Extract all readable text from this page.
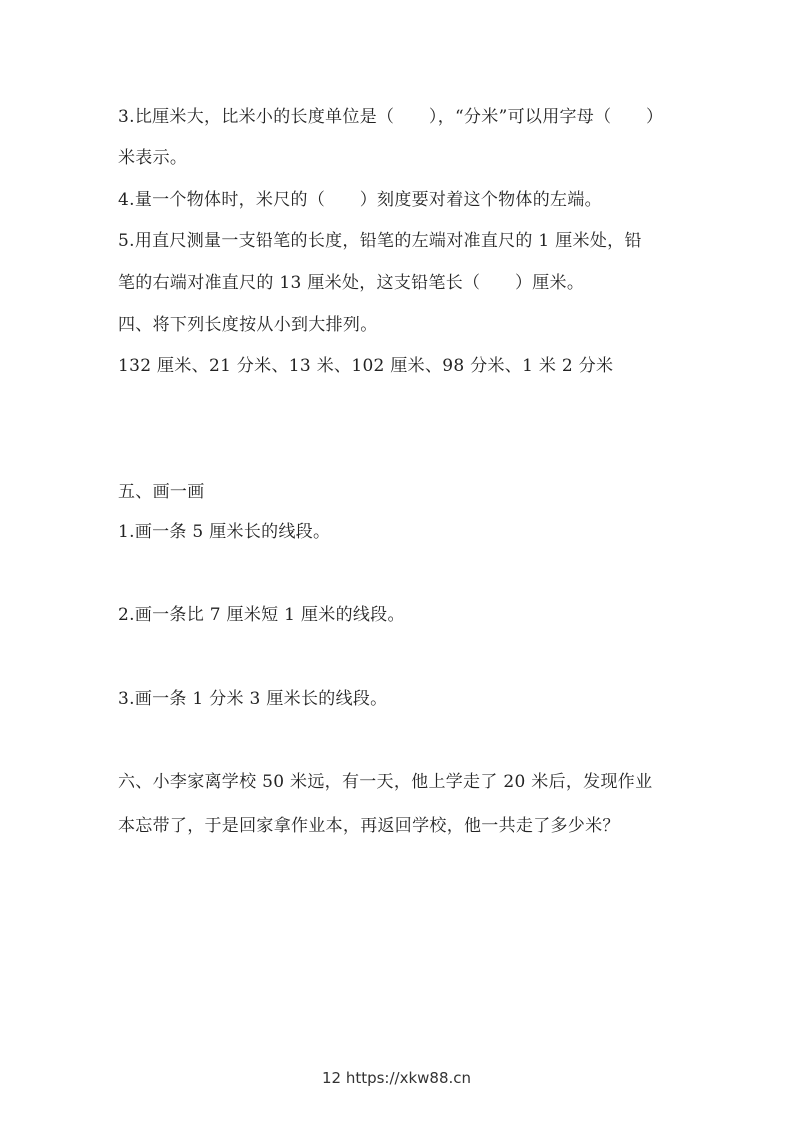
3.比厘米大，比米小的长度单位是（　　），“分米”可以用字母（　　）
米表示。
4.量一个物体时，米尺的（　　）刻度要对着这个物体的左端。
5.用直尺测量一支铅笔的长度，铅笔的左端对准直尺的 1 厘米处，铅
笔的右端对准直尺的 13 厘米处，这支铅笔长（　　）厘米。
四、将下列长度按从小到大排列。
132 厘米、21 分米、13 米、102 厘米、98 分米、1 米 2 分米
五、画一画
1.画一条 5 厘米长的线段。
2.画一条比 7 厘米短 1 厘米的线段。
3.画一条 1 分米 3 厘米长的线段。
六、小李家离学校 50 米远，有一天，他上学走了 20 米后，发现作业
本忘带了，于是回家拿作业本，再返回学校，他一共走了多少米？
12 https://xkw88.cn
